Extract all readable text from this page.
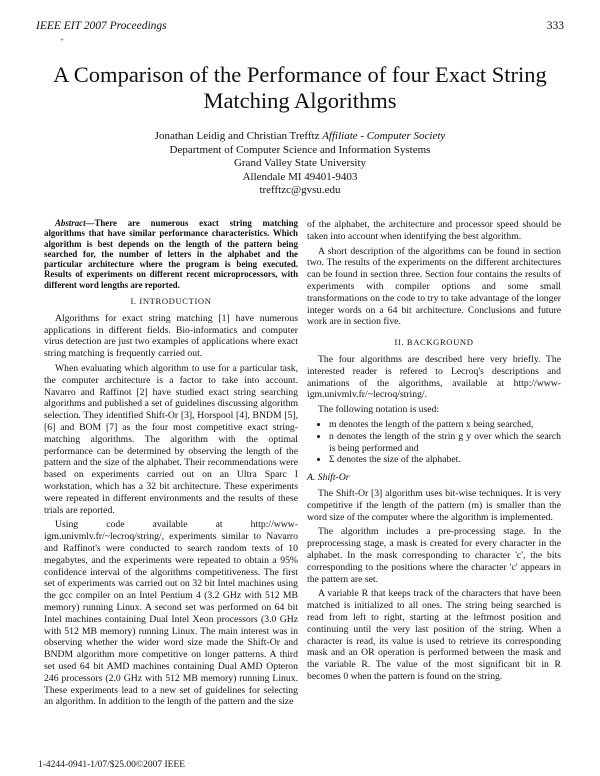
IEEE EIT 2007 Proceedings	333
+
A Comparison of the Performance of four Exact String Matching Algorithms
Jonathan Leidig and Christian Trefftz Affiliate - Computer Society
Department of Computer Science and Information Systems
Grand Valley State University
Allendale MI 49401-9403
trefftzc@gvsu.edu
Abstract—There are numerous exact string matching algorithms that have similar performance characteristics. Which algorithm is best depends on the length of the pattern being searched for, the number of letters in the alphabet and the particular architecture where the program is being executed. Results of experiments on different recent microprocessors, with different word lengths are reported.
I. INTRODUCTION

Algorithms for exact string matching [1] have numerous applications in different fields. Bio-informatics and computer virus detection are just two examples of applications where exact string matching is frequently carried out.

When evaluating which algorithm to use for a particular task, the computer architecture is a factor to take into account. Navarro and Raffinot [2] have studied exact string searching algorithms and published a set of guidelines discussing algorithm selection. They identified Shift-Or [3], Horspool [4], BNDM [5], [6] and BOM [7] as the four most competitive exact string-matching algorithms. The algorithm with the optimal performance can be determined by observing the length of the pattern and the size of the alphabet. Their recommendations were based on experiments carried out on an Ultra Sparc I workstation, which has a 32 bit architecture. These experiments were repeated in different environments and the results of these trials are reported.

Using code available at http://www-igm.univmlv.fr/~lecroq/string/, experiments similar to Navarro and Raffinot's were conducted to search random texts of 10 megabytes, and the experiments were repeated to obtain a 95% confidence interval of the algorithms competitiveness. The first set of experiments was carried out on 32 bit Intel machines using the gcc compiler on an Intel Pentium 4 (3.2 GHz with 512 MB memory) running Linux. A second set was performed on 64 bit Intel machines containing Dual Intel Xeon processors (3.0 GHz with 512 MB memory) running Linux. The main interest was in observing whether the wider word size made the Shift-Or and BNDM algorithm more competitive on longer patterns. A third set used 64 bit AMD machines containing Dual AMD Opteron 246 processors (2.0 GHz with 512 MB memory) running Linux. These experiments lead to a new set of guidelines for selecting an algorithm. In addition to the length of the pattern and the size

of the alphabet, the architecture and processor speed should be taken into account when identifying the best algorithm.

A short description of the algorithms can be found in section two. The results of the experiments on the different architectures can be found in section three. Section four contains the results of experiments with compiler options and some small transformations on the code to try to take advantage of the longer integer words on a 64 bit architecture. Conclusions and future work are in section five.

II. BACKGROUND

The four algorithms are described here very briefly. The interested reader is refered to Lecroq's descriptions and animations of the algorithms, available at http://www-igm.univmlv.fr/~lecroq/string/.

The following notation is used:

• m denotes the length of the pattern x being searched,
• n denotes the length of the strin g y over which the search is being performed and
• Σ denotes the size of the alphabet.
A. Shift-Or

The Shift-Or [3] algorithm uses bit-wise techniques. It is very competitive if the length of the pattern (m) is smaller than the word size of the computer where the algorithm is implemented.

The algorithm includes a pre-processing stage. In the preprocessing stage, a mask is created for every character in the alphabet. In the mask corresponding to character 'c', the bits corresponding to the positions where the character 'c' appears in the pattern are set.

A variable R that keeps track of the characters that have been matched is initialized to all ones. The string being searched is read from left to right, starting at the leftmost position and continuing until the very last position of the string. When a character is read, its value is used to retrieve its corresponding mask and an OR operation is performed between the mask and the variable R. The value of the most significant bit in R becomes 0 when the pattern is found on the string.

1-4244-0941-1/07/$25.00©2007 IEEE
